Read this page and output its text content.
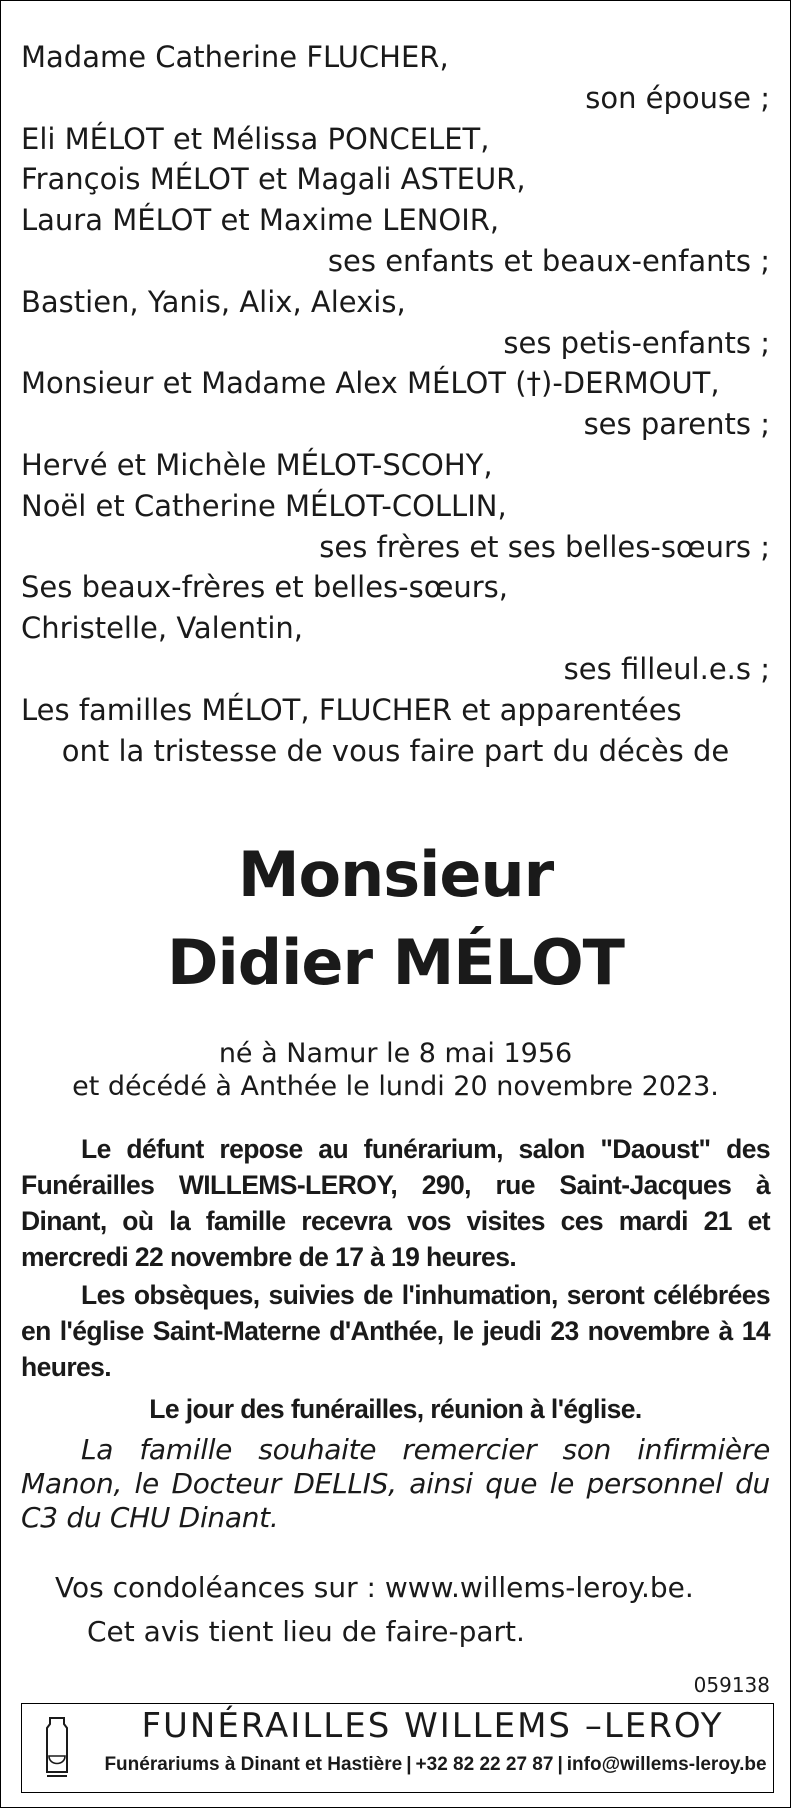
Madame Catherine FLUCHER,
son épouse ;
Eli MÉLOT et Mélissa PONCELET,
François MÉLOT et Magali ASTEUR,
Laura MÉLOT et Maxime LENOIR,
ses enfants et beaux-enfants ;
Bastien, Yanis, Alix, Alexis,
ses petis-enfants ;
Monsieur et Madame Alex MÉLOT (†)-DERMOUT,
ses parents ;
Hervé et Michèle MÉLOT-SCOHY,
Noël et Catherine MÉLOT-COLLIN,
ses frères et ses belles-sœurs ;
Ses beaux-frères et belles-sœurs,
Christelle, Valentin,
ses filleul.e.s ;
Les familles MÉLOT, FLUCHER et apparentées
ont la tristesse de vous faire part du décès de
Monsieur
Didier MÉLOT
né à Namur le 8 mai 1956
et décédé à Anthée le lundi 20 novembre 2023.

Le défunt repose au funérarium, salon "Daoust" des Funérailles WILLEMS-LEROY, 290, rue Saint-Jacques à Dinant, où la famille recevra vos visites ces mardi 21 et mercredi 22 novembre de 17 à 19 heures.

Les obsèques, suivies de l'inhumation, seront célébrées en l'église Saint-Materne d'Anthée, le jeudi 23 novembre à 14 heures.

Le jour des funérailles, réunion à l'église.

La famille souhaite remercier son infirmière Manon, le Docteur DELLIS, ainsi que le personnel du C3 du CHU Dinant.

Vos condoléances sur : www.willems-leroy.be.
Cet avis tient lieu de faire-part.
059138
FUNÉRAILLES WILLEMS –LEROY
Funérariums à Dinant et Hastière | +32 82 22 27 87 | info@willems-leroy.be
